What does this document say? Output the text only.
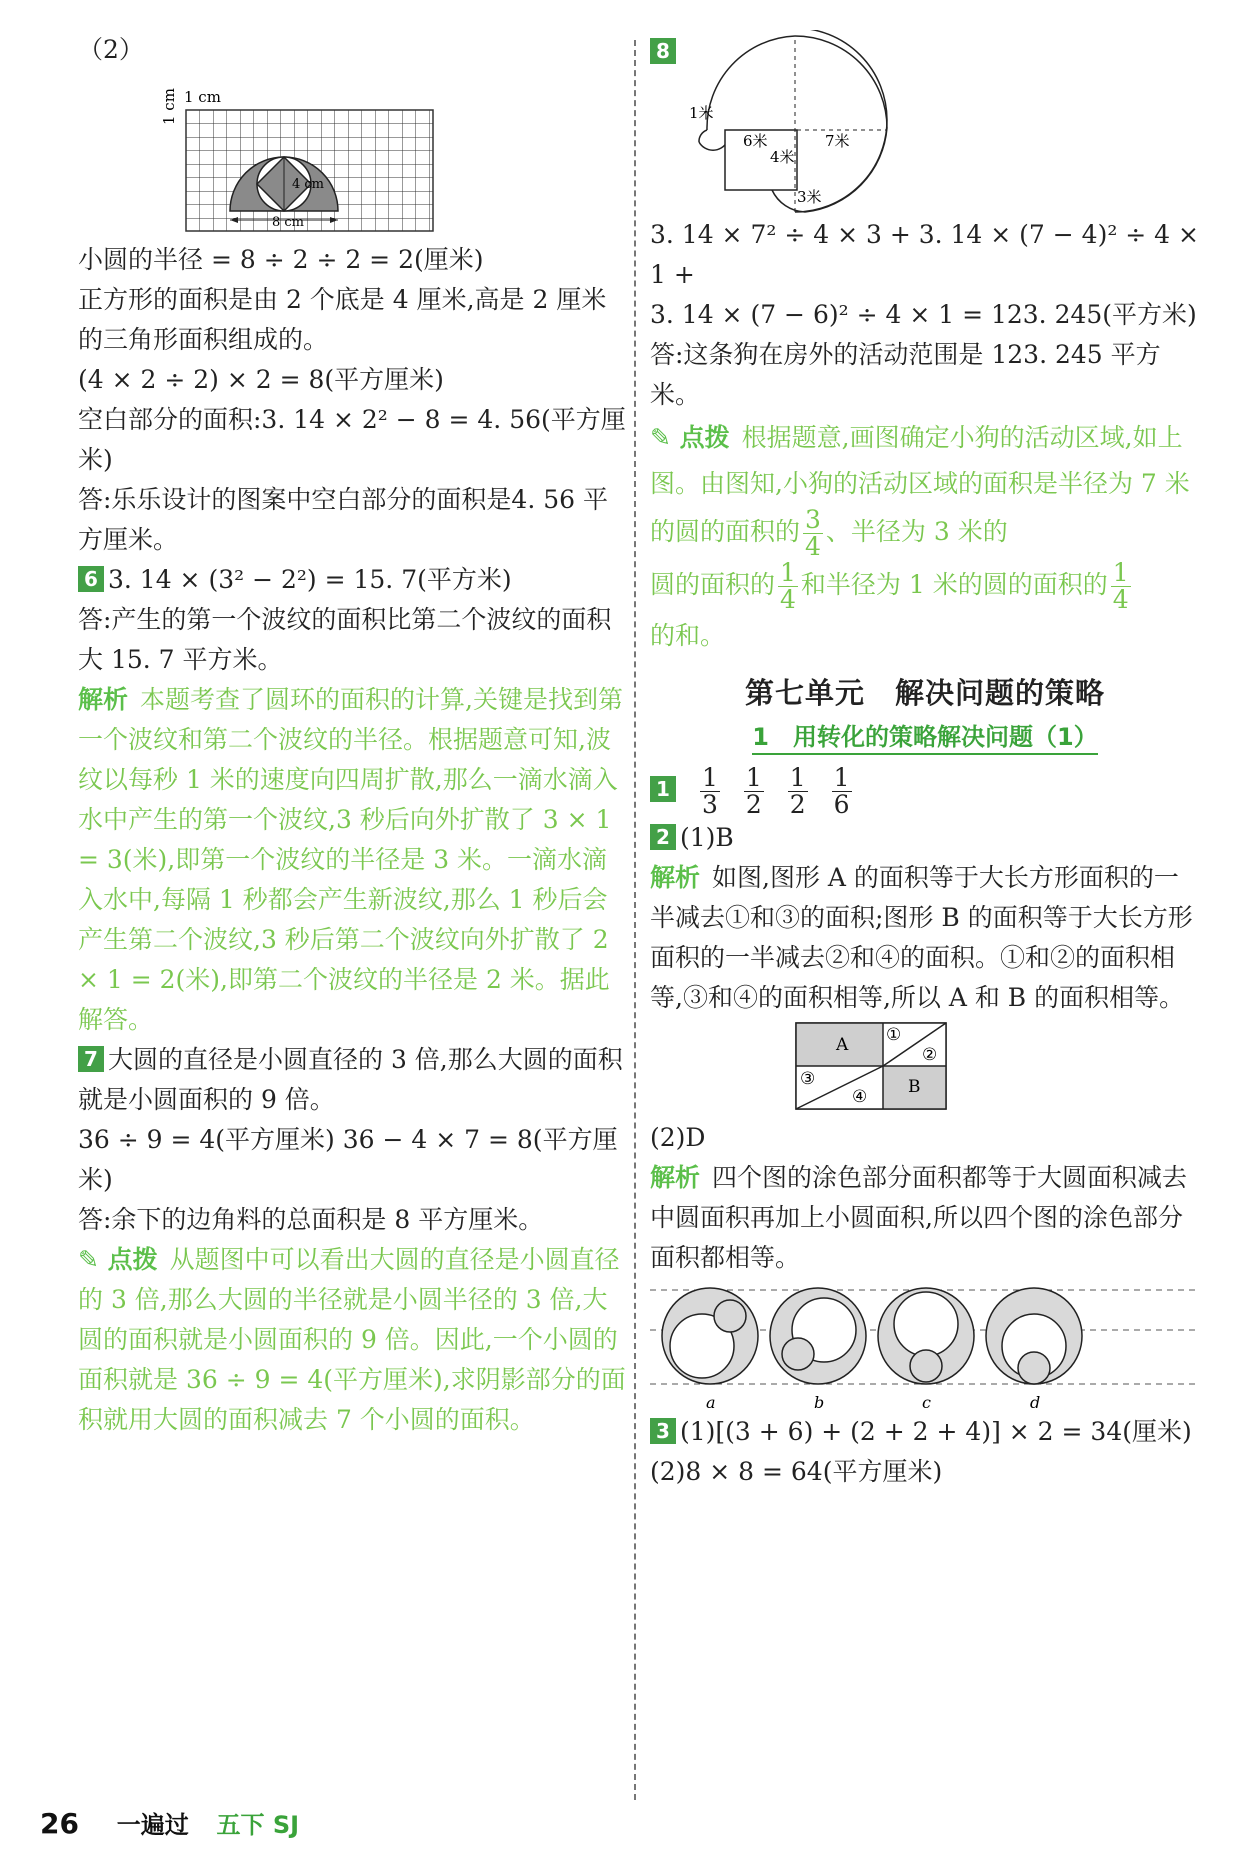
（2）

1 cm
1 cm
4 cm
8 cm

小圆的半径 = 8 ÷ 2 ÷ 2 = 2(厘米)

正方形的面积是由 2 个底是 4 厘米,高是 2 厘米的三角形面积组成的。

(4 × 2 ÷ 2) × 2 = 8(平方厘米)

空白部分的面积:3. 14 × 2² − 8 = 4. 56(平方厘米)

答:乐乐设计的图案中空白部分的面积是4. 56 平方厘米。

6 3. 14 × (3² − 2²) = 15. 7(平方米)

答:产生的第一个波纹的面积比第二个波纹的面积大 15. 7 平方米。

解析 本题考查了圆环的面积的计算,关键是找到第一个波纹和第二个波纹的半径。根据题意可知,波纹以每秒 1 米的速度向四周扩散,那么一滴水滴入水中产生的第一个波纹,3 秒后向外扩散了 3 × 1 = 3(米),即第一个波纹的半径是 3 米。一滴水滴入水中,每隔 1 秒都会产生新波纹,那么 1 秒后会产生第二个波纹,3 秒后第二个波纹向外扩散了 2 × 1 = 2(米),即第二个波纹的半径是 2 米。据此解答。

7 大圆的直径是小圆直径的 3 倍,那么大圆的面积就是小圆面积的 9 倍。

36 ÷ 9 = 4(平方厘米) 36 − 4 × 7 = 8(平方厘米)

答:余下的边角料的总面积是 8 平方厘米。

✎ 点拨 从题图中可以看出大圆的直径是小圆直径的 3 倍,那么大圆的半径就是小圆半径的 3 倍,大圆的面积就是小圆面积的 9 倍。因此,一个小圆的面积就是 36 ÷ 9 = 4(平方厘米),求阴影部分的面积就用大圆的面积减去 7 个小圆的面积。

8
1米
6米
4米
7米
3米

3. 14 × 7² ÷ 4 × 3 + 3. 14 × (7 − 4)² ÷ 4 × 1 +

3. 14 × (7 − 6)² ÷ 4 × 1 = 123. 245(平方米)

答:这条狗在房外的活动范围是 123. 245 平方米。

✎ 点拨 根据题意,画图确定小狗的活动区域,如上图。由图知,小狗的活动区域的面积是半径为 7 米的圆的面积的 $\frac{3}{4}$ 、半径为 3 米的
圆的面积的 $\frac{1}{4}$ 和半径为 1 米的圆的面积的 $\frac{1}{4}$

的和。

第七单元　解决问题的策略
1　用转化的策略解决问题（1）

$1 \frac{1}{3} \frac{1}{2} \frac{1}{2} \frac{1}{6}$

2 (1)B

解析 如图,图形 A 的面积等于大长方形面积的一半减去①和③的面积;图形 B 的面积等于大长方形面积的一半减去②和④的面积。①和②的面积相等,③和④的面积相等,所以 A 和 B 的面积相等。

A
B
①
②
③
④

(2)D

解析 四个图的涂色部分面积都等于大圆面积减去中圆面积再加上小圆面积,所以四个图的涂色部分面积都相等。

a	b	c	d

3 (1)[(3 + 6) + (2 + 2 + 4)] × 2 = 34(厘米)

(2)8 × 8 = 64(平方厘米)

26 一遍过 五下 SJ
